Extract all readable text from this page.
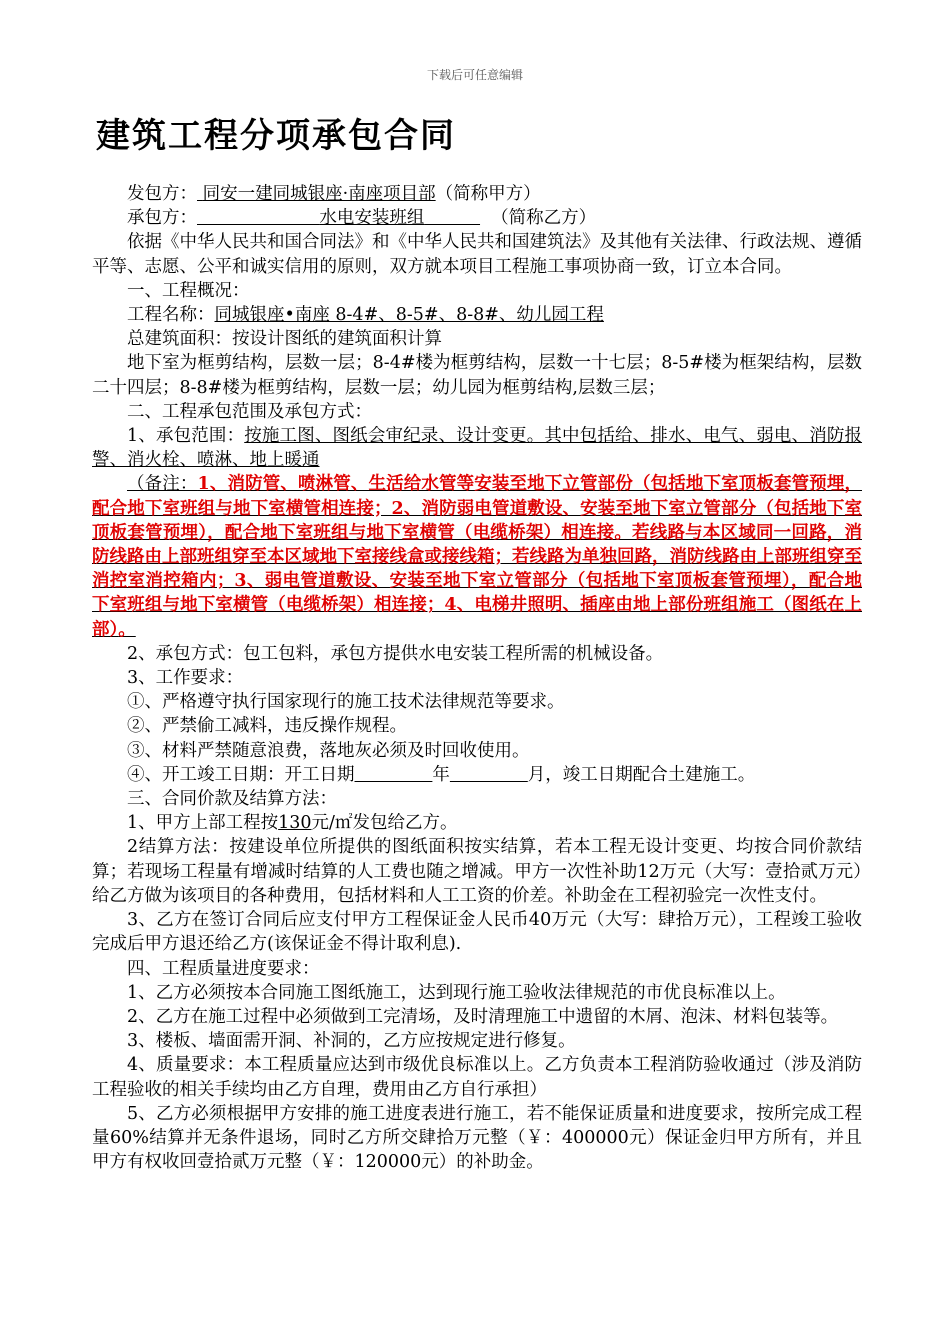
下载后可任意编辑
建筑工程分项承包合同

发包方： 同安一建同城银座·南座项目部（简称甲方）

承包方：	水电安装班组	（简称乙方）

依据《中华人民共和国合同法》和《中华人民共和国建筑法》及其他有关法律、行政法规、遵循平等、志愿、公平和诚实信用的原则，双方就本项目工程施工事项协商一致，订立本合同。

一、工程概况：

工程名称：同城银座•南座 8-4#、8-5#、8-8#、幼儿园工程

总建筑面积：按设计图纸的建筑面积计算

地下室为框剪结构，层数一层；8-4#楼为框剪结构，层数一十七层；8-5#楼为框架结构，层数二十四层；8-8#楼为框剪结构，层数一层；幼儿园为框剪结构,层数三层；

二、工程承包范围及承包方式：

1、承包范围：按施工图、图纸会审纪录、设计变更。其中包括给、排水、电气、弱电、消防报警、消火栓、喷淋、地上暖通

（备注：1、消防管、喷淋管、生活给水管等安装至地下立管部份（包括地下室顶板套管预埋，配合地下室班组与地下室横管相连接；2、消防弱电管道敷设、安装至地下室立管部分（包括地下室顶板套管预埋），配合地下室班组与地下室横管（电缆桥架）相连接。若线路与本区域同一回路，消防线路由上部班组穿至本区域地下室接线盒或接线箱；若线路为单独回路，消防线路由上部班组穿至消控室消控箱内；3、弱电管道敷设、安装至地下室立管部分（包括地下室顶板套管预埋），配合地下室班组与地下室横管（电缆桥架）相连接；4、电梯井照明、插座由地上部份班组施工（图纸在上部）。

2、承包方式：包工包料，承包方提供水电安装工程所需的机械设备。

3、工作要求：

①、严格遵守执行国家现行的施工技术法律规范等要求。

②、严禁偷工减料，违反操作规程。

③、材料严禁随意浪费，落地灰必须及时回收使用。

④、开工竣工日期：开工日期	年	月，竣工日期配合土建施工。

三、合同价款及结算方法：

1、甲方上部工程按130元/㎡发包给乙方。

2结算方法：按建设单位所提供的图纸面积按实结算，若本工程无设计变更、均按合同价款结算；若现场工程量有增减时结算的人工费也随之增减。甲方一次性补助12万元（大写：壹拾贰万元）给乙方做为该项目的各种费用，包括材料和人工工资的价差。补助金在工程初验完一次性支付。

3、乙方在签订合同后应支付甲方工程保证金人民币40万元（大写：肆拾万元），工程竣工验收完成后甲方退还给乙方(该保证金不得计取利息).

四、工程质量进度要求：

1、乙方必须按本合同施工图纸施工，达到现行施工验收法律规范的市优良标准以上。

2、乙方在施工过程中必须做到工完清场，及时清理施工中遗留的木屑、泡沫、材料包装等。

3、楼板、墙面需开洞、补洞的，乙方应按规定进行修复。

4、质量要求：本工程质量应达到市级优良标准以上。乙方负责本工程消防验收通过（涉及消防工程验收的相关手续均由乙方自理，费用由乙方自行承担）

5、乙方必须根据甲方安排的施工进度表进行施工，若不能保证质量和进度要求，按所完成工程量60%结算并无条件退场，同时乙方所交肆拾万元整（￥：400000元）保证金归甲方所有，并且甲方有权收回壹拾贰万元整（￥：120000元）的补助金。
